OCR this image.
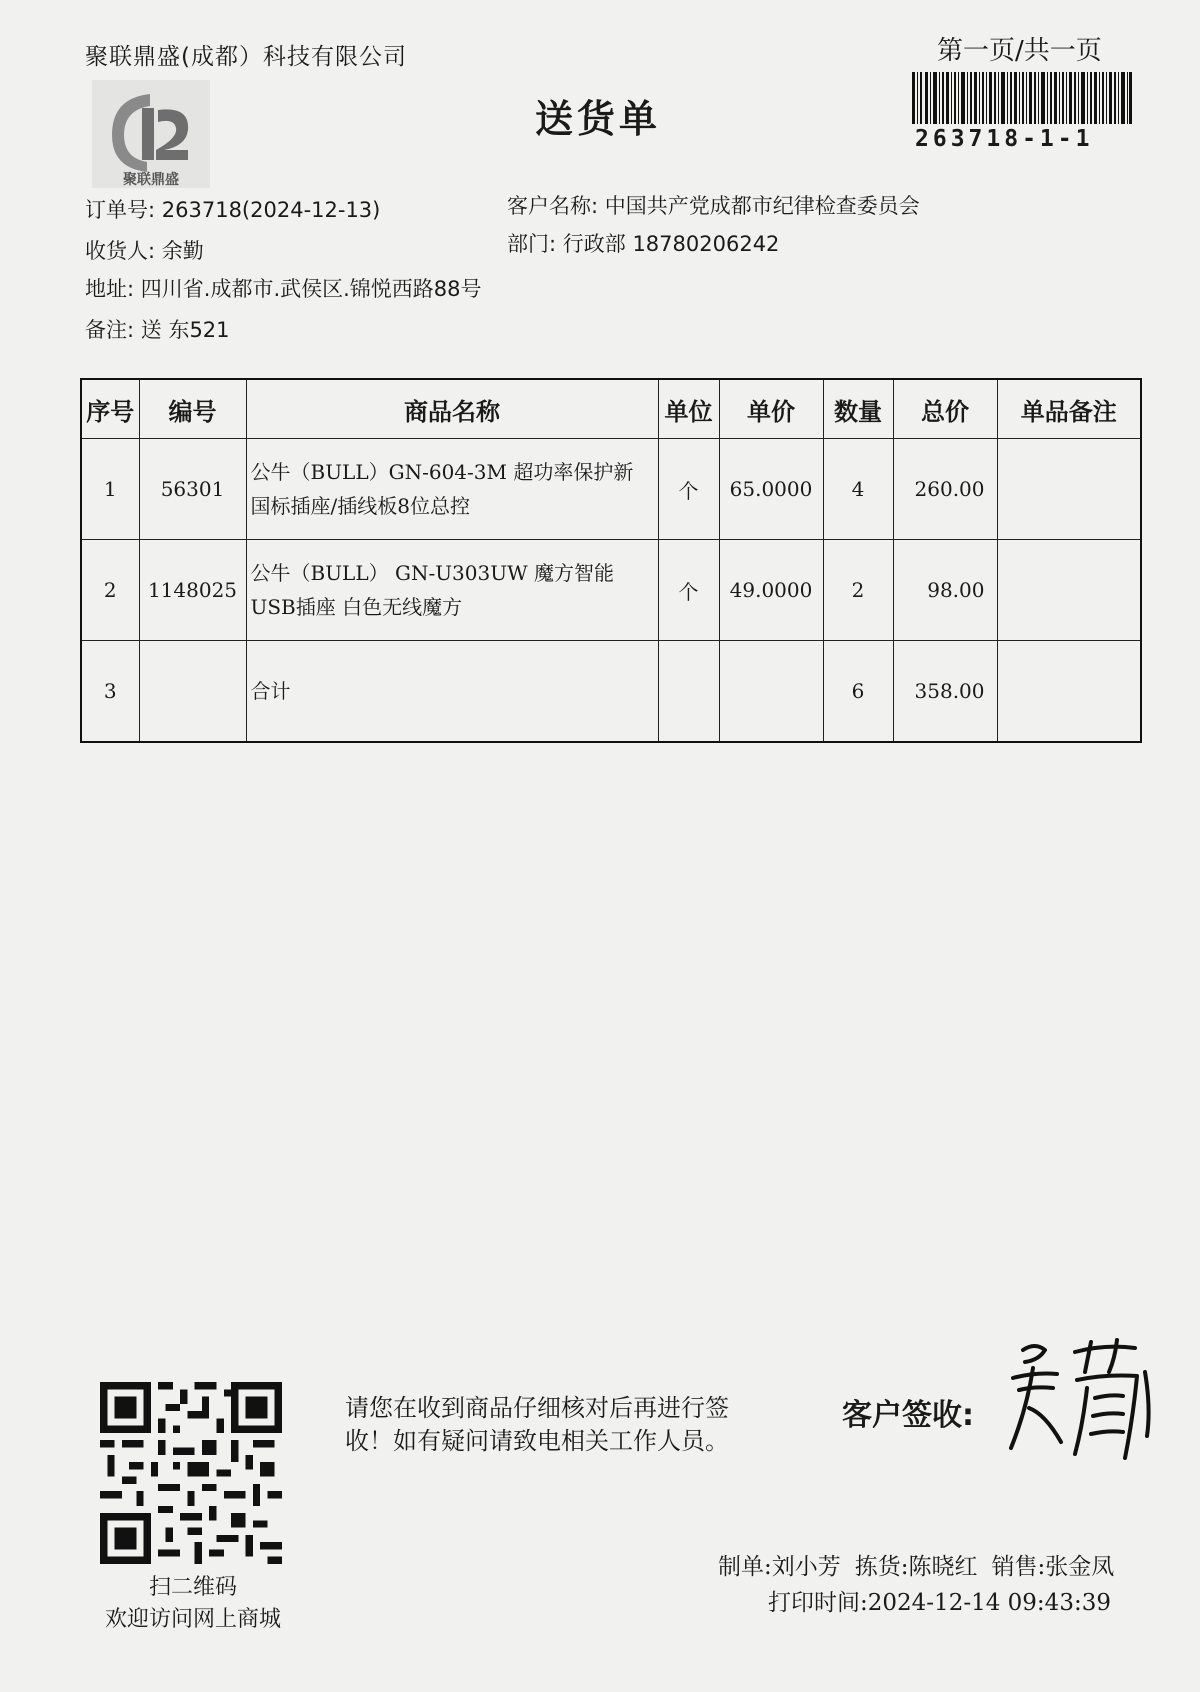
聚联鼎盛(成都）科技有限公司
聚联鼎盛
送货单
第一页/共一页
263718-1-1
订单号: 263718(2024-12-13)
收货人: 余勤
地址: 四川省.成都市.武侯区.锦悦西路88号
备注: 送 东521
客户名称: 中国共产党成都市纪律检查委员会
部门: 行政部 18780206242
序号	编号	商品名称	单位	单价	数量	总价	单品备注
1	56301	公牛（BULL）GN-604-3M 超功率保护新
国标插座/插线板8位总控	个	65.0000	4	260.00	
2	1148025	公牛（BULL） GN-U303UW 魔方智能
USB插座 白色无线魔方	个	49.0000	2	98.00	
3		合计			6	358.00	
扫二维码
欢迎访问网上商城
请您在收到商品仔细核对后再进行签收！如有疑问请致电相关工作人员。
客户签收:
制单:刘小芳 拣货:陈晓红 销售:张金凤
打印时间:2024-12-14 09:43:39
